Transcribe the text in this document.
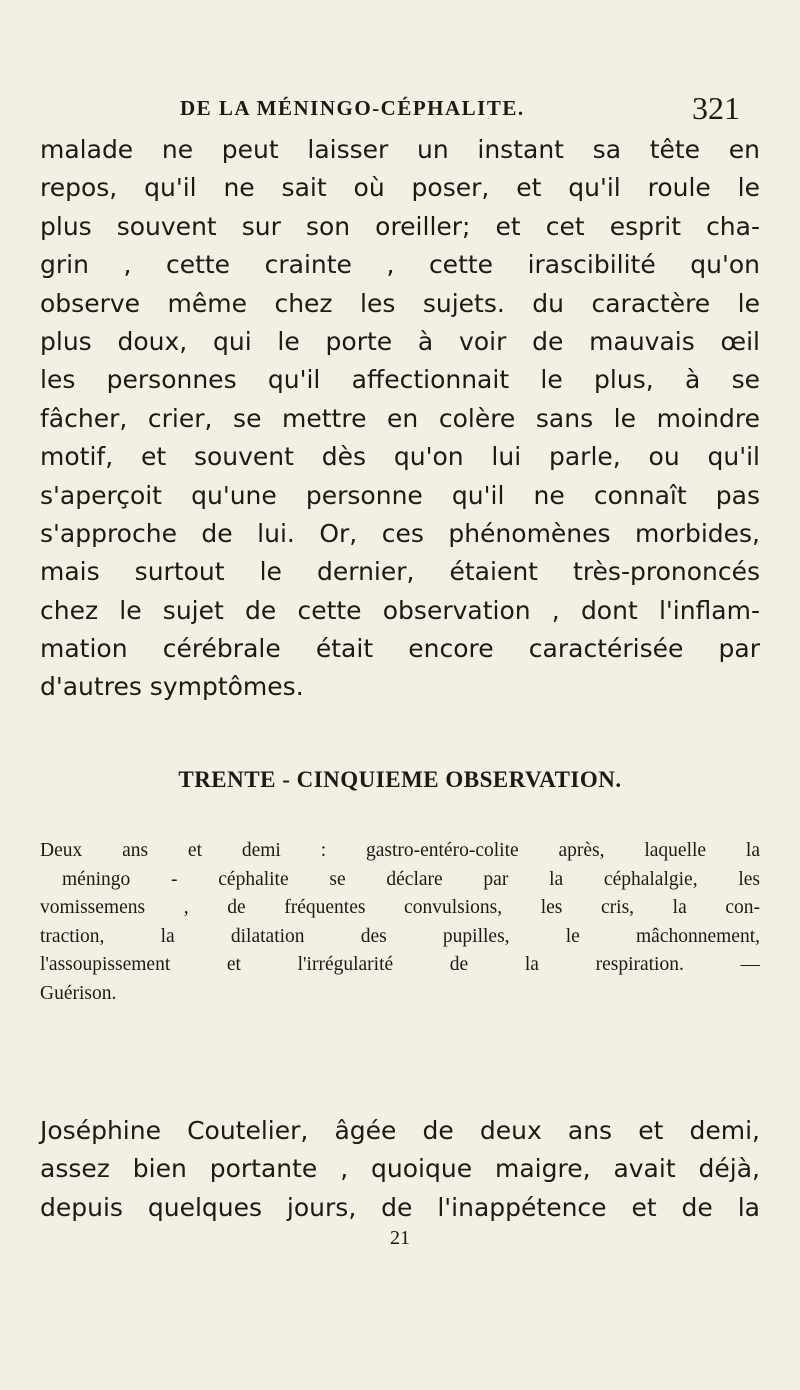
DE LA MÉNINGO-CÉPHALITE.	321
malade ne peut laisser un instant sa tête en
repos, qu'il ne sait où poser, et qu'il roule le
plus souvent sur son oreiller; et cet esprit cha-
grin , cette crainte , cette irascibilité qu'on
observe même chez les sujets. du caractère le
plus doux, qui le porte à voir de mauvais œil
les personnes qu'il affectionnait le plus, à se
fâcher, crier, se mettre en colère sans le moindre
motif, et souvent dès qu'on lui parle, ou qu'il
s'aperçoit qu'une personne qu'il ne connaît pas
s'approche de lui. Or, ces phénomènes morbides,
mais surtout le dernier, étaient très-prononcés
chez le sujet de cette observation , dont l'inflam-
mation cérébrale était encore caractérisée par
d'autres symptômes.
TRENTE - CINQUIEME OBSERVATION.
Deux ans et demi : gastro-entéro-colite après, laquelle la
méningo - céphalite se déclare par la céphalalgie, les
vomissemens , de fréquentes convulsions, les cris, la con-
traction, la dilatation des pupilles, le mâchonnement,
l'assoupissement et l'irrégularité de la respiration. —
Guérison.
Joséphine Coutelier, âgée de deux ans et demi,
assez bien portante , quoique maigre, avait déjà,
depuis quelques jours, de l'inappétence et de la
21
